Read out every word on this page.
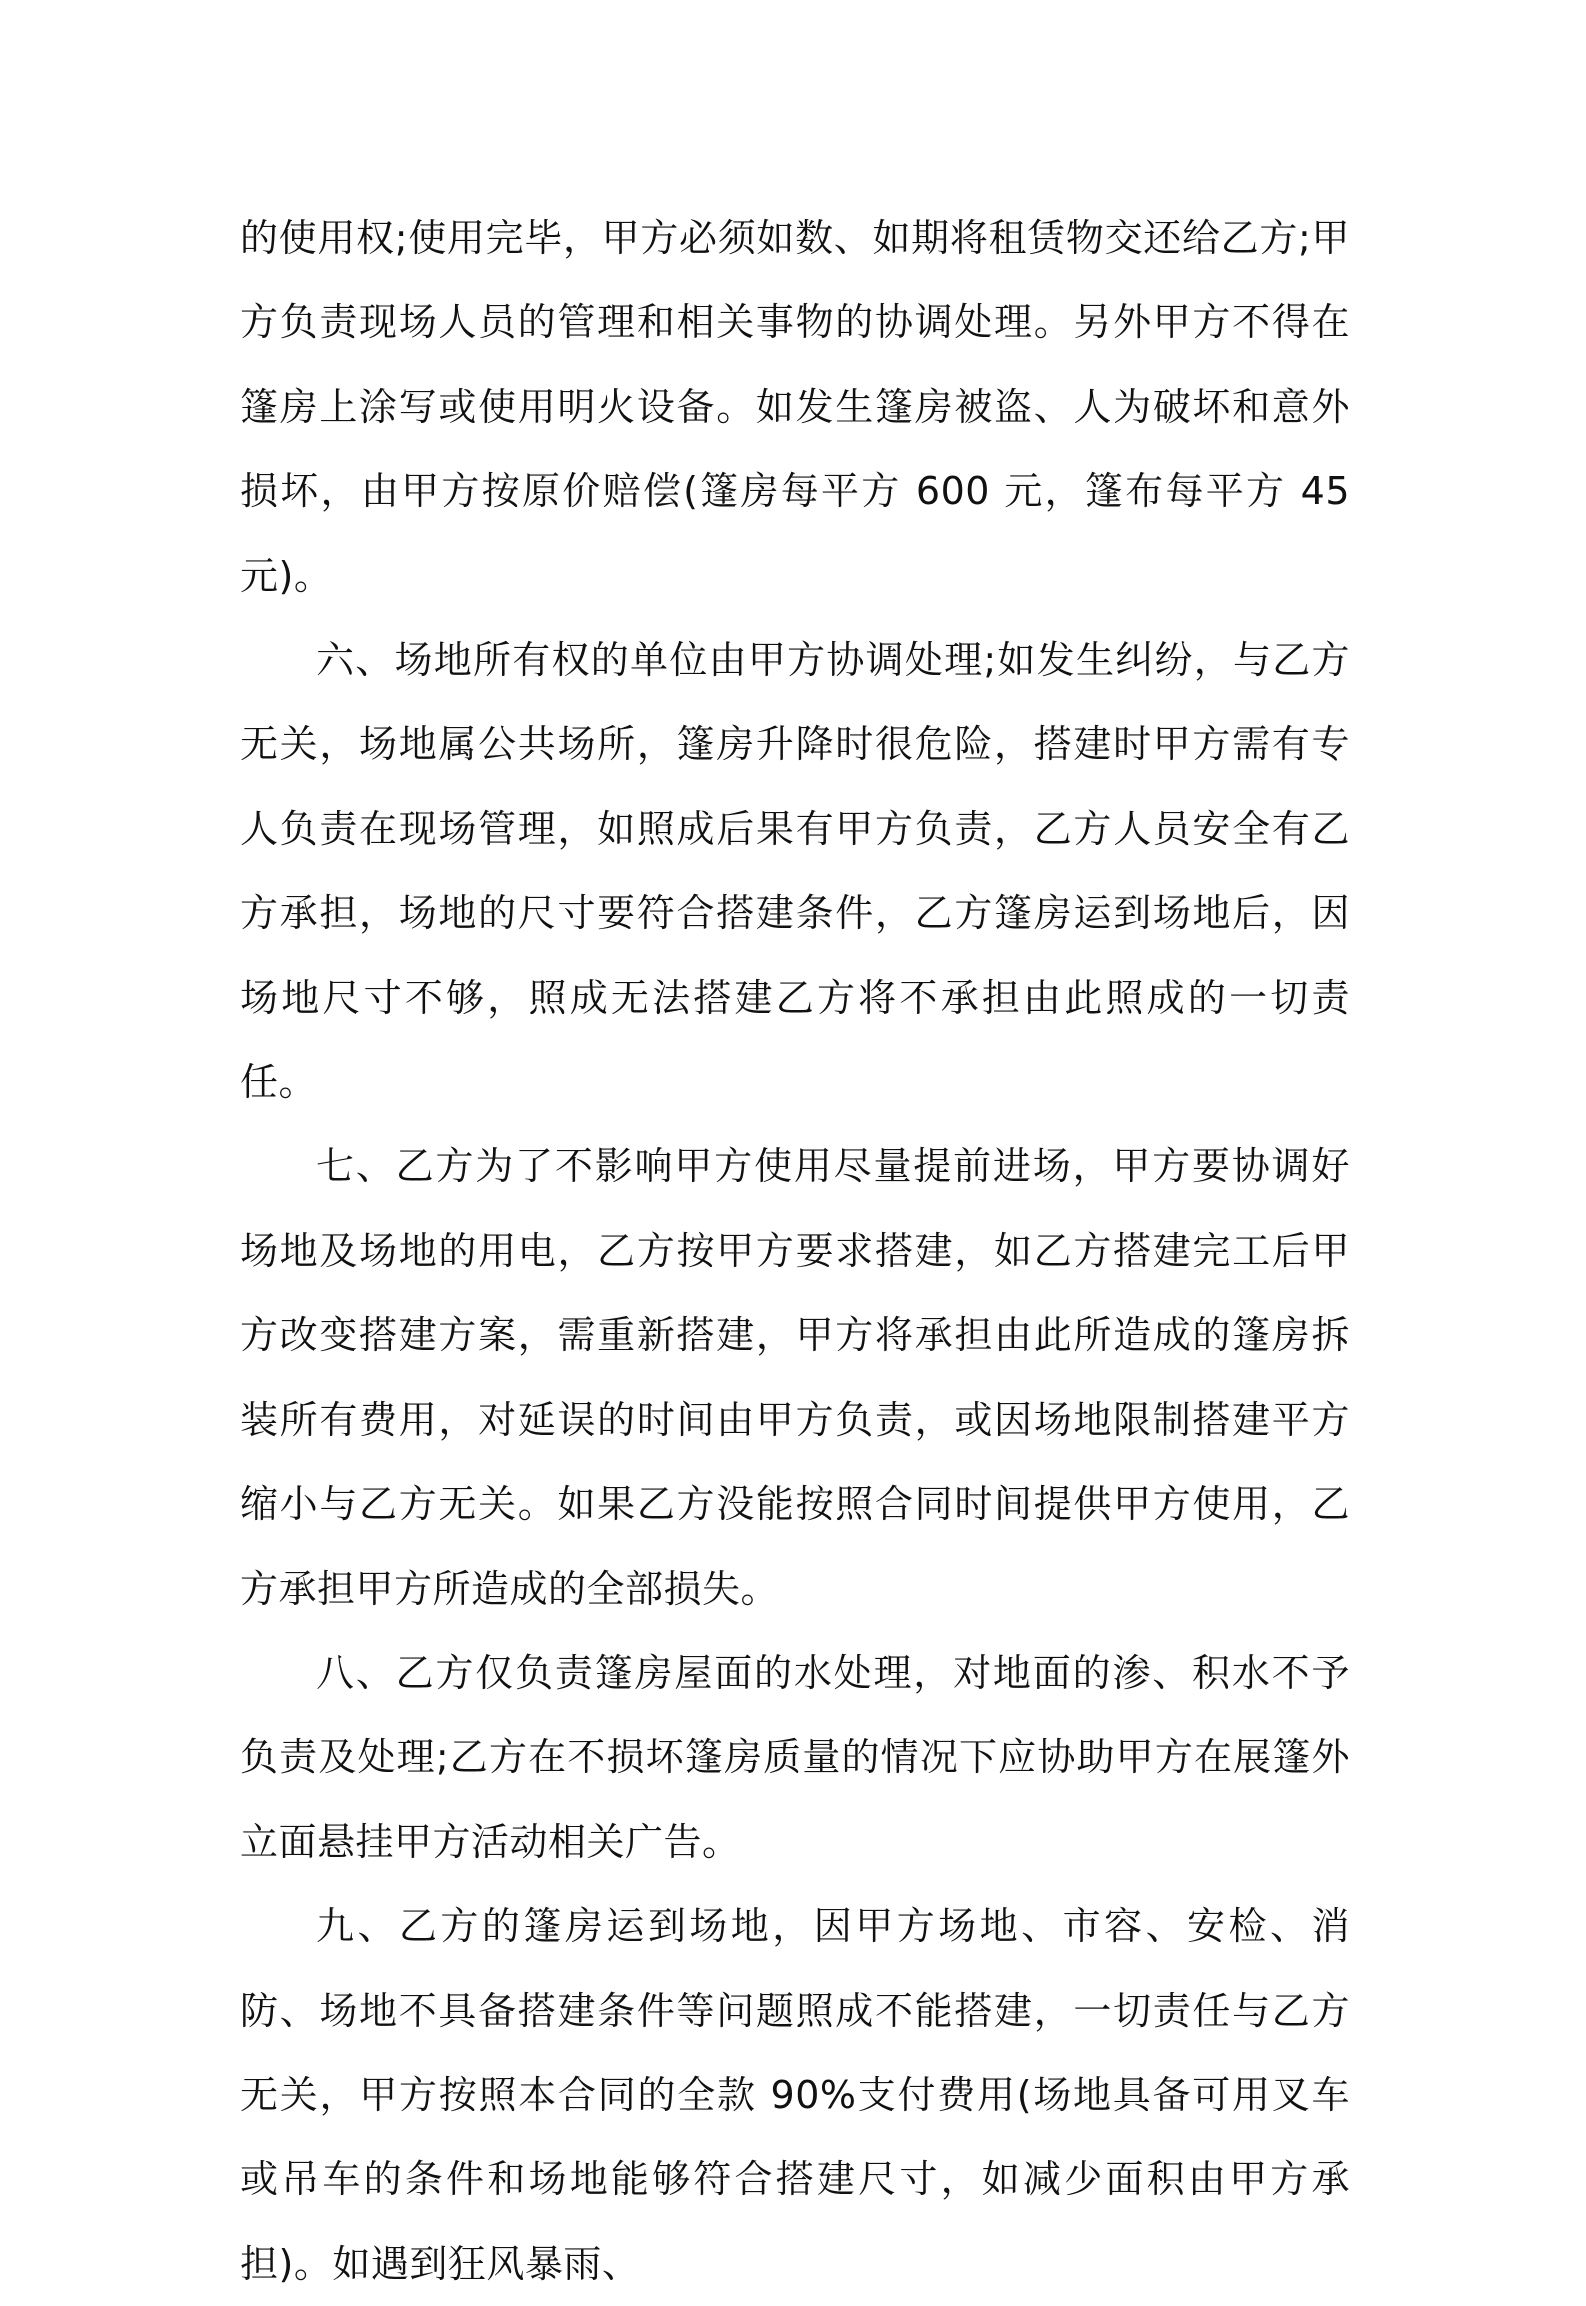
的使用权;使用完毕，甲方必须如数、如期将租赁物交还给乙方;甲方负责现场人员的管理和相关事物的协调处理。另外甲方不得在篷房上涂写或使用明火设备。如发生篷房被盗、人为破坏和意外损坏，由甲方按原价赔偿(篷房每平方 600 元，篷布每平方 45 元)。

六、场地所有权的单位由甲方协调处理;如发生纠纷，与乙方无关，场地属公共场所，篷房升降时很危险，搭建时甲方需有专人负责在现场管理，如照成后果有甲方负责，乙方人员安全有乙方承担，场地的尺寸要符合搭建条件，乙方篷房运到场地后，因场地尺寸不够，照成无法搭建乙方将不承担由此照成的一切责任。

七、乙方为了不影响甲方使用尽量提前进场，甲方要协调好场地及场地的用电，乙方按甲方要求搭建，如乙方搭建完工后甲方改变搭建方案，需重新搭建，甲方将承担由此所造成的篷房拆装所有费用，对延误的时间由甲方负责，或因场地限制搭建平方缩小与乙方无关。如果乙方没能按照合同时间提供甲方使用，乙方承担甲方所造成的全部损失。

八、乙方仅负责篷房屋面的水处理，对地面的渗、积水不予负责及处理;乙方在不损坏篷房质量的情况下应协助甲方在展篷外立面悬挂甲方活动相关广告。

九、乙方的篷房运到场地，因甲方场地、市容、安检、消防、场地不具备搭建条件等问题照成不能搭建，一切责任与乙方无关，甲方按照本合同的全款 90%支付费用(场地具备可用叉车或吊车的条件和场地能够符合搭建尺寸，如减少面积由甲方承担)。如遇到狂风暴雨、
